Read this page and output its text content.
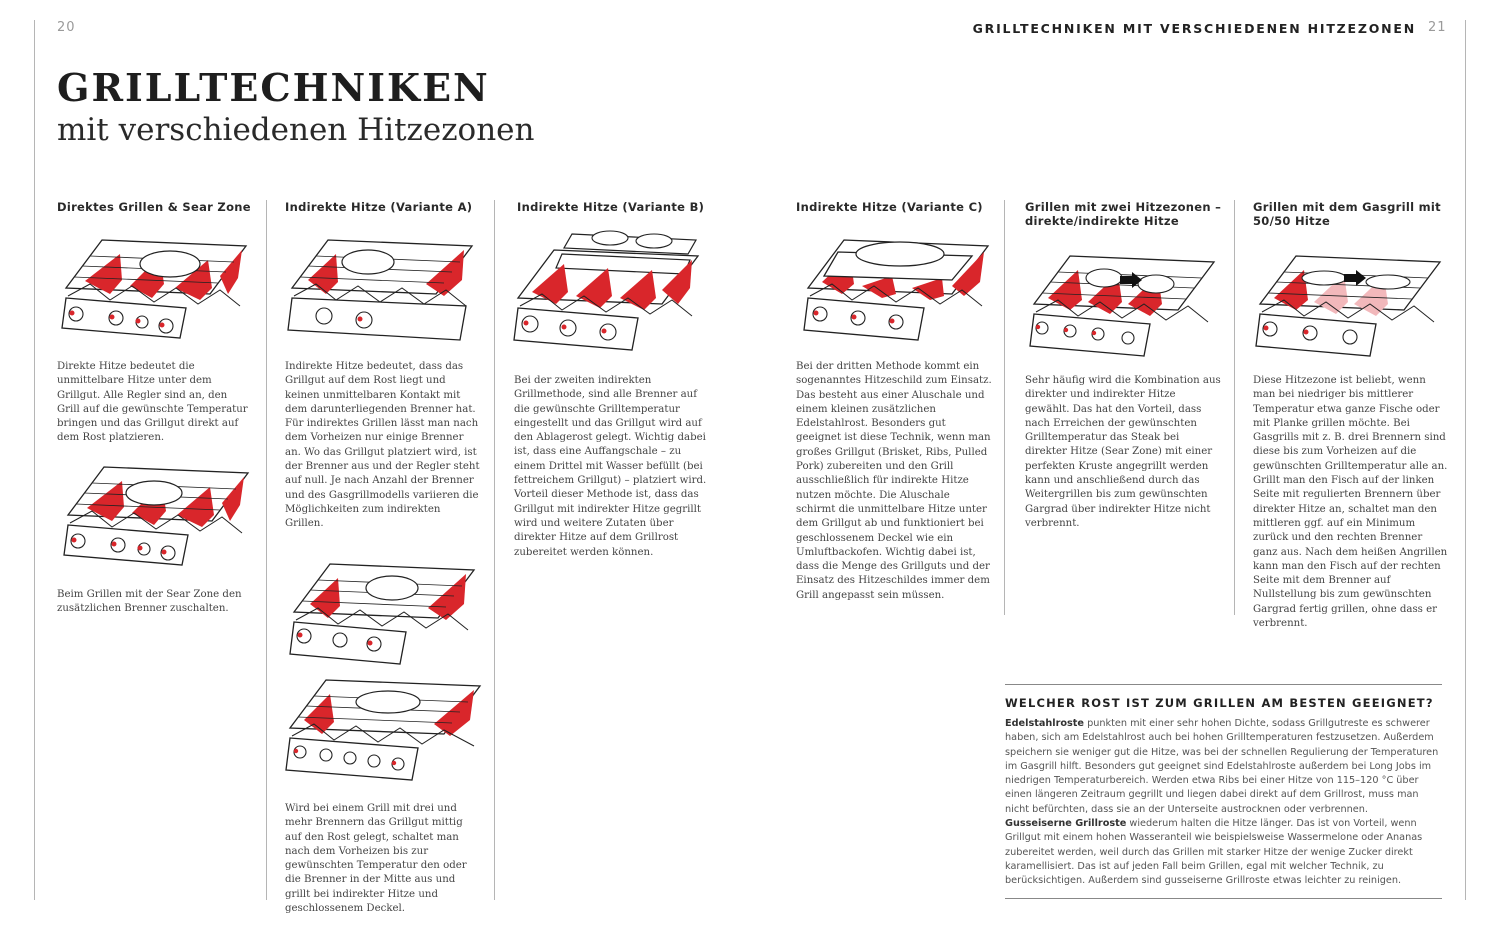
20	GRILLTECHNIKEN MIT VERSCHIEDENEN HITZEZONEN 21
GRILLTECHNIKEN
mit verschiedenen Hitzezonen
Direktes Grillen & Sear Zone	Indirekte Hitze (Variante A)	Indirekte Hitze (Variante B)	Indirekte Hitze (Variante C)	Grillen mit zwei Hitzezonen – direkte/indirekte Hitze
Grillen mit dem Gasgrill mit 50/50 Hitze
Direkte Hitze bedeutet die unmittelbare Hitze unter dem Grillgut. Alle Regler sind an, den Grill auf die gewünschte Temperatur bringen und das Grillgut direkt auf dem Rost platzieren.
Beim Grillen mit der Sear Zone den zusätzlichen Brenner zuschalten.
Indirekte Hitze bedeutet, dass das Grillgut auf dem Rost liegt und keinen unmittelbaren Kontakt mit dem darunterliegenden Brenner hat. Für indirektes Grillen lässt man nach dem Vorheizen nur einige Brenner an. Wo das Grillgut platziert wird, ist der Brenner aus und der Regler steht auf null. Je nach Anzahl der Brenner und des Gasgrillmodells variieren die Möglichkeiten zum indirekten Grillen.
Wird bei einem Grill mit drei und mehr Brennern das Grillgut mittig auf den Rost gelegt, schaltet man nach dem Vorheizen bis zur gewünschten Temperatur den oder die Brenner in der Mitte aus und grillt bei indirekter Hitze und geschlossenem Deckel.
Bei der zweiten indirekten Grillmethode, sind alle Brenner auf die gewünschte Grilltemperatur eingestellt und das Grillgut wird auf den Ablagerost gelegt. Wichtig dabei ist, dass eine Auffangschale – zu einem Drittel mit Wasser befüllt (bei fettreichem Grillgut) – platziert wird. Vorteil dieser Methode ist, dass das Grillgut mit indirekter Hitze gegrillt wird und weitere Zutaten über direkter Hitze auf dem Grillrost zubereitet werden können.
Bei der dritten Methode kommt ein sogenanntes Hitzeschild zum Einsatz. Das besteht aus einer Aluschale und einem kleinen zusätzlichen Edelstahlrost. Besonders gut geeignet ist diese Technik, wenn man großes Grillgut (Brisket, Ribs, Pulled Pork) zubereiten und den Grill ausschließlich für indirekte Hitze nutzen möchte. Die Aluschale schirmt die unmittelbare Hitze unter dem Grillgut ab und funktioniert bei geschlossenem Deckel wie ein Umluftbackofen. Wichtig dabei ist, dass die Menge des Grillguts und der Einsatz des Hitzeschildes immer dem Grill angepasst sein müssen.
Sehr häufig wird die Kombination aus direkter und indirekter Hitze gewählt. Das hat den Vorteil, dass nach Erreichen der gewünschten Grilltemperatur das Steak bei direkter Hitze (Sear Zone) mit einer perfekten Kruste angegrillt werden kann und anschließend durch das Weitergrillen bis zum gewünschten Gargrad über indirekter Hitze nicht verbrennt.
Diese Hitzezone ist beliebt, wenn man bei niedriger bis mittlerer Temperatur etwa ganze Fische oder mit Planke grillen möchte. Bei Gasgrills mit z. B. drei Brennern sind diese bis zum Vorheizen auf die gewünschten Grilltemperatur alle an. Grillt man den Fisch auf der linken Seite mit regulierten Brennern über direkter Hitze an, schaltet man den mittleren ggf. auf ein Minimum zurück und den rechten Brenner ganz aus. Nach dem heißen Angrillen kann man den Fisch auf der rechten Seite mit dem Brenner auf Nullstellung bis zum gewünschten Gargrad fertig grillen, ohne dass er verbrennt.
WELCHER ROST IST ZUM GRILLEN AM BESTEN GEEIGNET?
Edelstahlroste punkten mit einer sehr hohen Dichte, sodass Grillgutreste es schwerer haben, sich am Edelstahlrost auch bei hohen Grilltemperaturen festzusetzen. Außerdem speichern sie weniger gut die Hitze, was bei der schnellen Regulierung der Temperaturen im Gasgrill hilft. Besonders gut geeignet sind Edelstahlroste außerdem bei Long Jobs im niedrigen Temperaturbereich. Werden etwa Ribs bei einer Hitze von 115–120 °C über einen längeren Zeitraum gegrillt und liegen dabei direkt auf dem Grillrost, muss man nicht befürchten, dass sie an der Unterseite austrocknen oder verbrennen.
Gusseiserne Grillroste wiederum halten die Hitze länger. Das ist von Vorteil, wenn Grillgut mit einem hohen Wasseranteil wie beispielsweise Wassermelone oder Ananas zubereitet werden, weil durch das Grillen mit starker Hitze der wenige Zucker direkt karamellisiert. Das ist auf jeden Fall beim Grillen, egal mit welcher Technik, zu berücksichtigen. Außerdem sind gusseiserne Grillroste etwas leichter zu reinigen.
